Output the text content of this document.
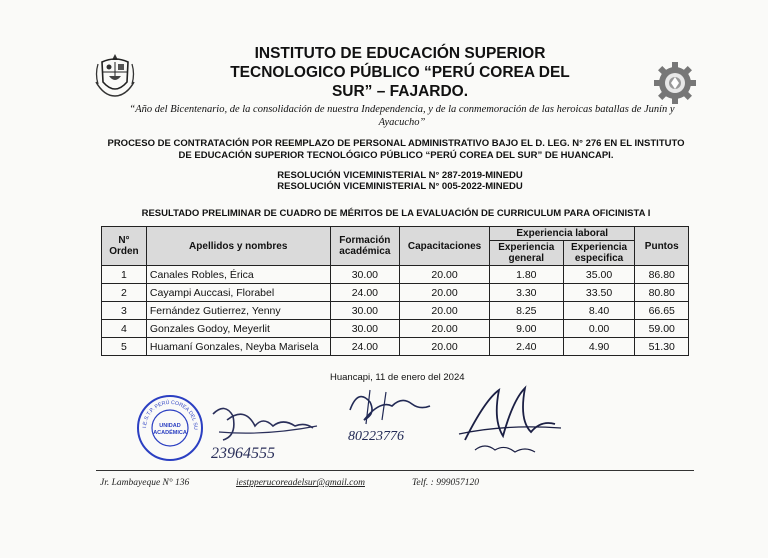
INSTITUTO DE EDUCACIÓN SUPERIOR
TECNOLOGICO PÚBLICO “PERÚ COREA DEL
SUR” – FAJARDO.
“Año del Bicentenario, de la consolidación de nuestra Independencia, y de la conmemoración de las heroicas batallas de Junín y
Ayacucho”
PROCESO DE CONTRATACIÓN POR REEMPLAZO DE PERSONAL ADMINISTRATIVO BAJO EL D. LEG. N° 276 EN EL INSTITUTO
DE EDUCACIÓN SUPERIOR TECNOLÓGICO PÚBLICO “PERÚ COREA DEL SUR” DE HUANCAPI.
RESOLUCIÓN VICEMINISTERIAL N° 287-2019-MINEDU
RESOLUCIÓN VICEMINISTERIAL N° 005-2022-MINEDU
RESULTADO PRELIMINAR DE CUADRO DE MÉRITOS DE LA EVALUACIÓN DE CURRICULUM PARA OFICINISTA I
N° Orden	Apellidos y nombres	Formación académica	Capacitaciones	Experiencia laboral		Puntos
				Experiencia general	Experiencia especifica	
1	Canales Robles, Érica	30.00	20.00	1.80	35.00	86.80
2	Cayampi Auccasi, Florabel	24.00	20.00	3.30	33.50	80.80
3	Fernández Gutierrez, Yenny	30.00	20.00	8.25	8.40	66.65
4	Gonzales Godoy, Meyerlit	30.00	20.00	9.00	0.00	59.00
5	Huamaní Gonzales, Neyba Marisela	24.00	20.00	2.40	4.90	51.30
Huancapi, 11 de enero del 2024
I.E.S.T.P. PERÚ COREA DEL SU
UNIDAD
ACADÉMICA
23964555
80223776
Jr. Lambayeque N° 136	iestpperucoreadelsur@gmail.com	Telf. : 999057120
